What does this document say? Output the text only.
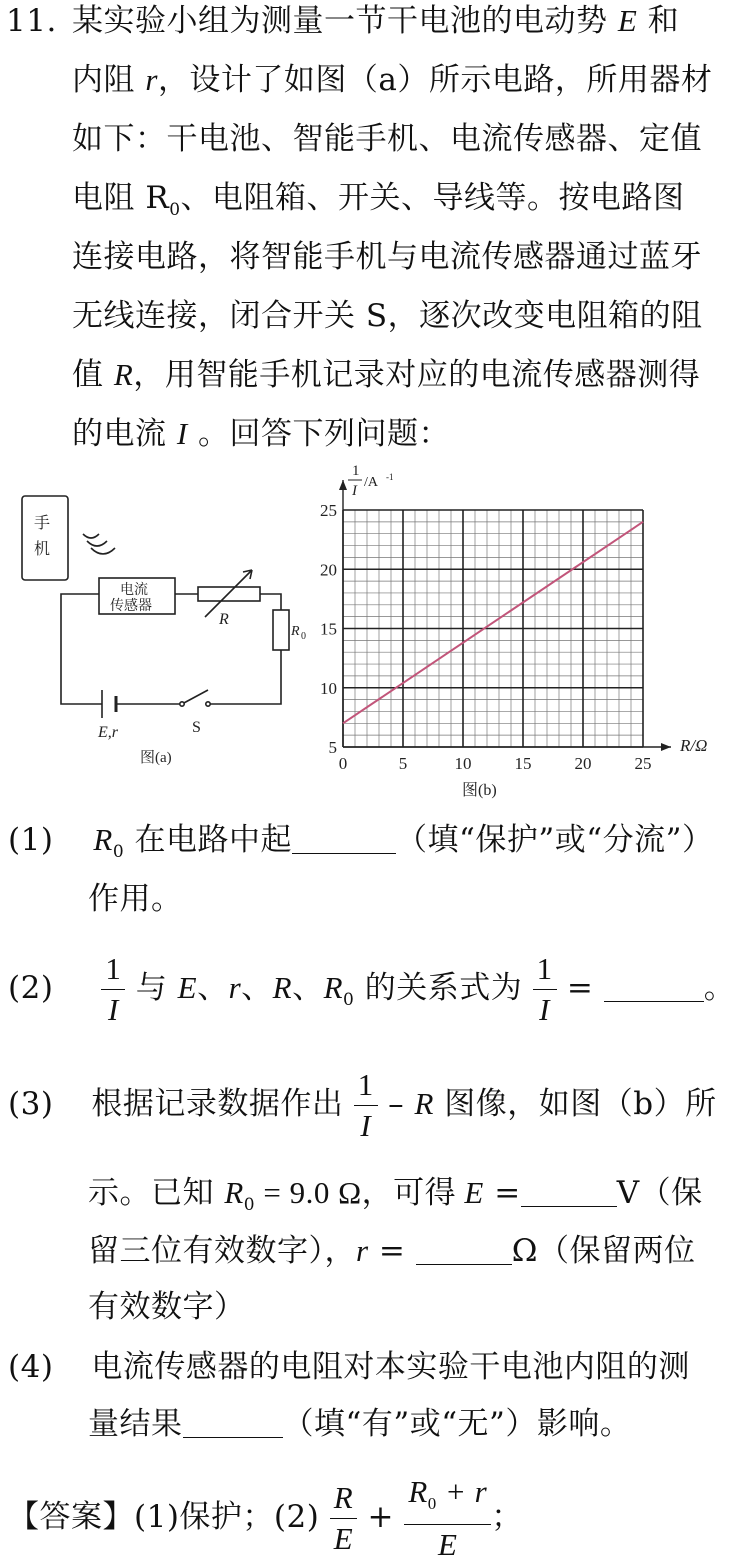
11. 某实验小组为测量一节干电池的电动势 E 和
内阻 r，设计了如图（a）所示电路，所用器材
如下：干电池、智能手机、电流传感器、定值
电阻 $R_0$、电阻箱、开关、导线等。按电路图
连接电路，将智能手机与电流传感器通过蓝牙
无线连接，闭合开关 S，逐次改变电阻箱的阻
值 R，用智能手机记录对应的电流传感器测得
的电流 I 。回答下列问题：
手
机
电流
传感器
R
R 0
E,r	S
图(a)	0	5	10	15	20	25
5
10
15
20
25
1
I
/A -1
R/Ω
图(b)
(1) $R_0$ 在电路中起	（填“保护”或“分流”）
作用。
$(2) \frac{1}{I}$ 与 E、r、R、$R_0$ 的关系式为 $\frac{1}{I}$ =	。
(3) 根据记录数据作出 $\frac{1}{I}$ – R 图像，如图（b）所
示。已知 $R_0 = 9.0$ Ω，可得 E =	V（保
留三位有效数字），r =	Ω（保留两位
有效数字）
(4) 电流传感器的电阻对本实验干电池内阻的测
量结果	（填“有”或“无”）影响。
【答案】(1)保护；$(2) \frac{R}{E} + \frac{R_0 + r}{E}$ ；
